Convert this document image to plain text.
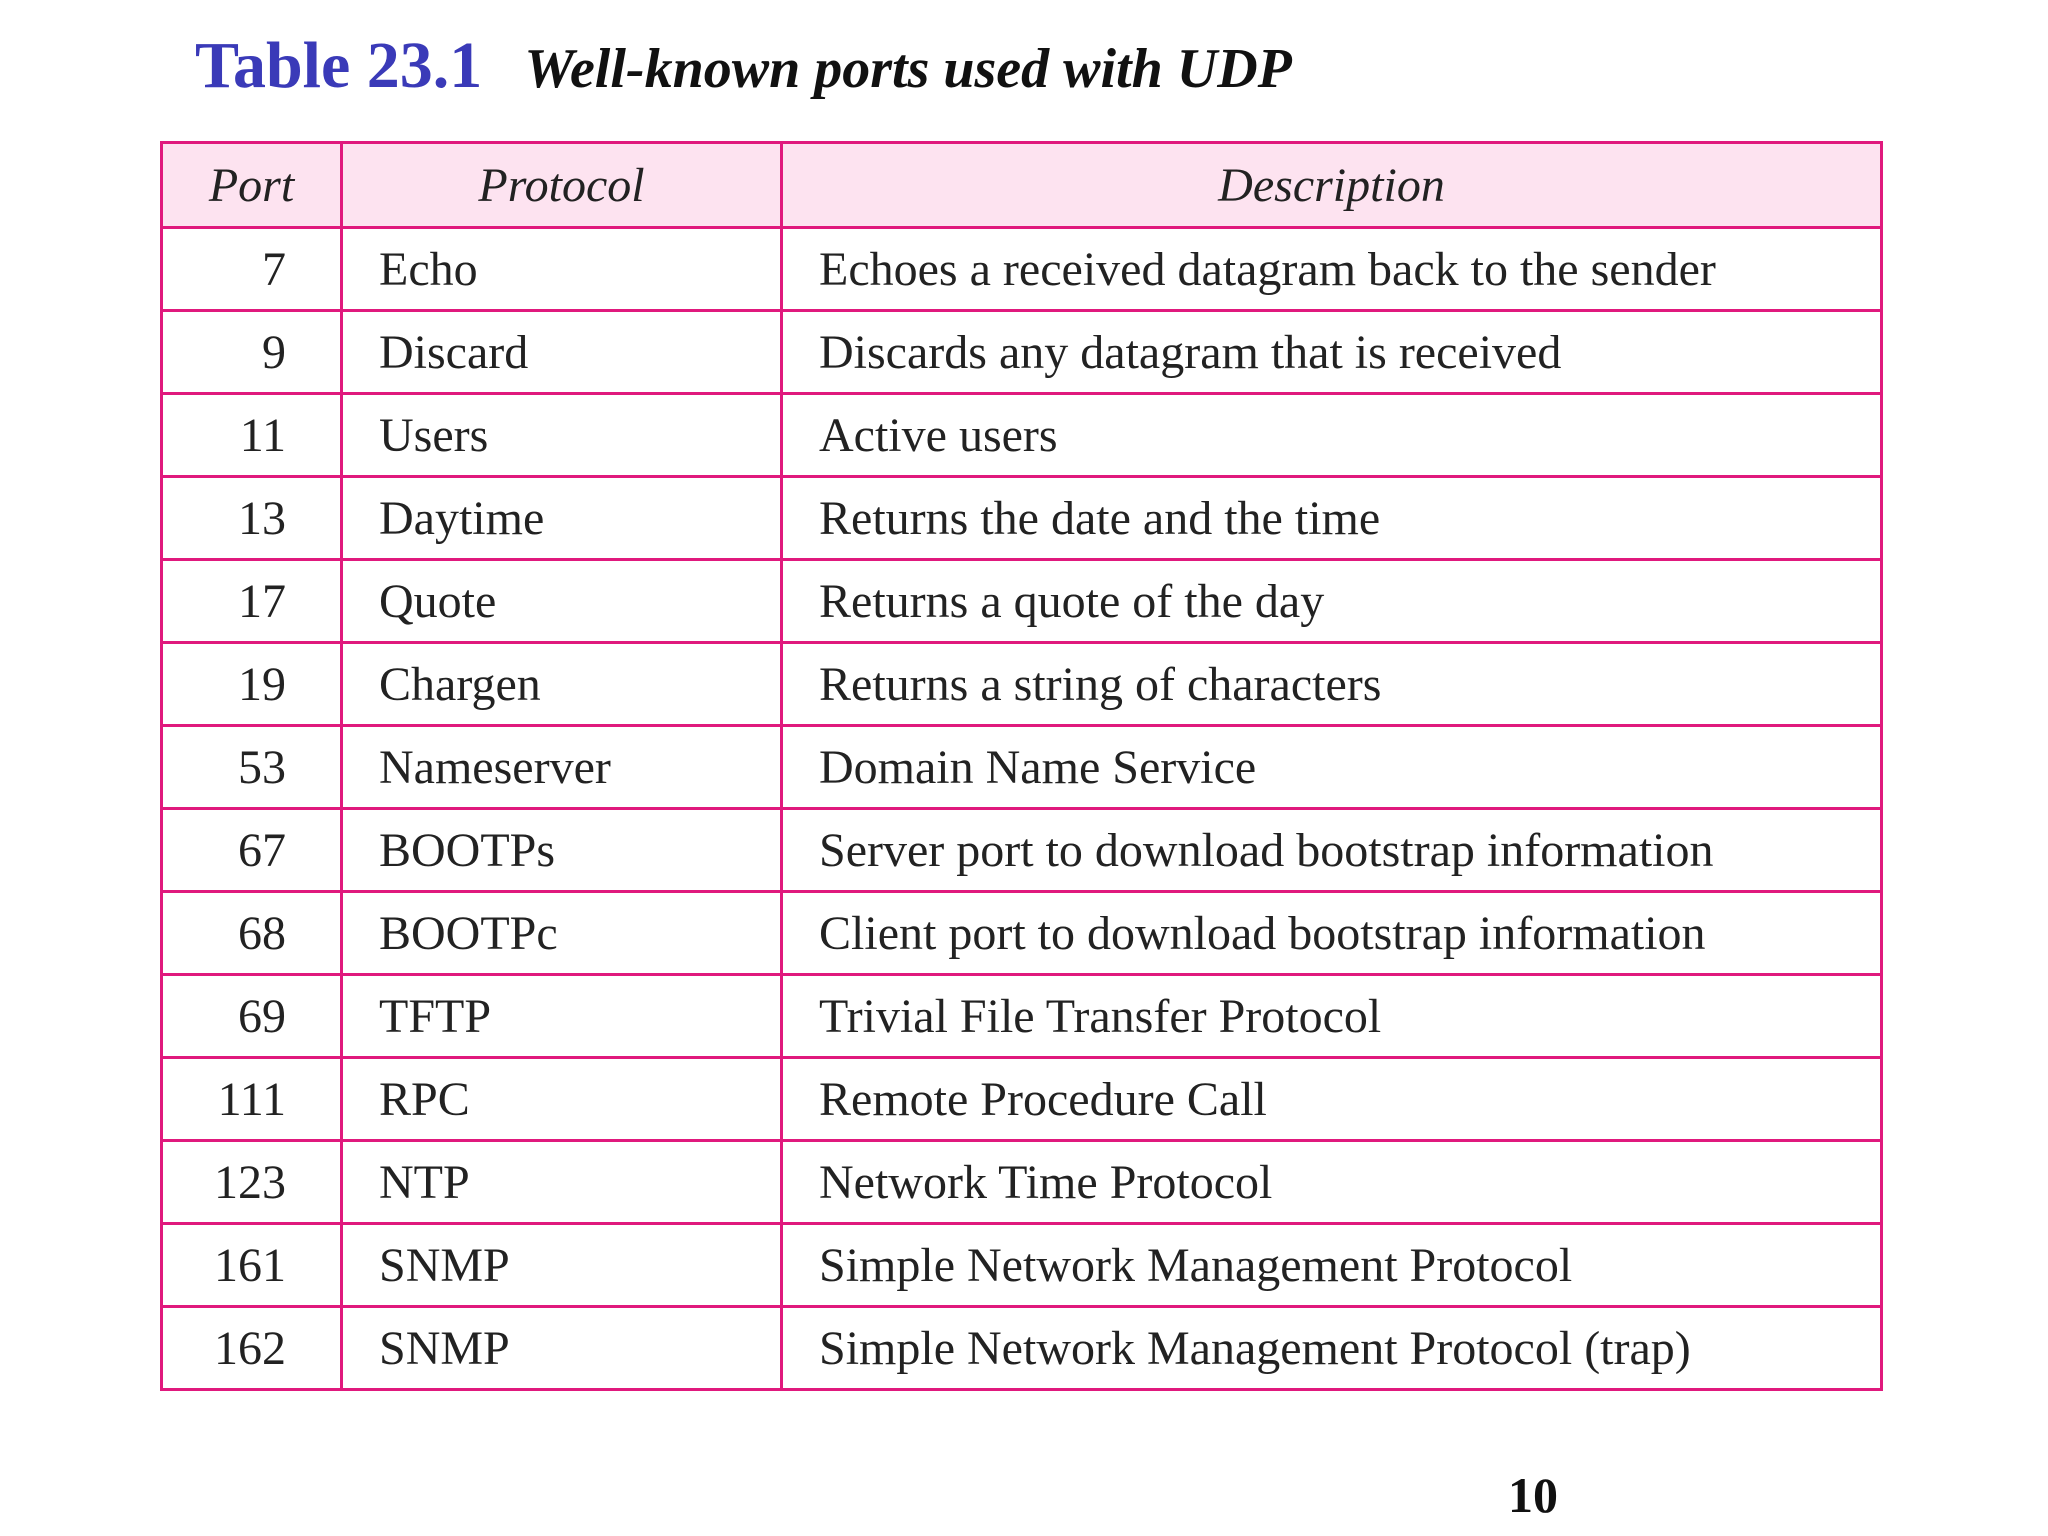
Table 23.1 Well-known ports used with UDP
Port	Protocol	Description
7	Echo	Echoes a received datagram back to the sender
9	Discard	Discards any datagram that is received
11	Users	Active users
13	Daytime	Returns the date and the time
17	Quote	Returns a quote of the day
19	Chargen	Returns a string of characters
53	Nameserver	Domain Name Service
67	BOOTPs	Server port to download bootstrap information
68	BOOTPc	Client port to download bootstrap information
69	TFTP	Trivial File Transfer Protocol
111	RPC	Remote Procedure Call
123	NTP	Network Time Protocol
161	SNMP	Simple Network Management Protocol
162	SNMP	Simple Network Management Protocol (trap)
10
